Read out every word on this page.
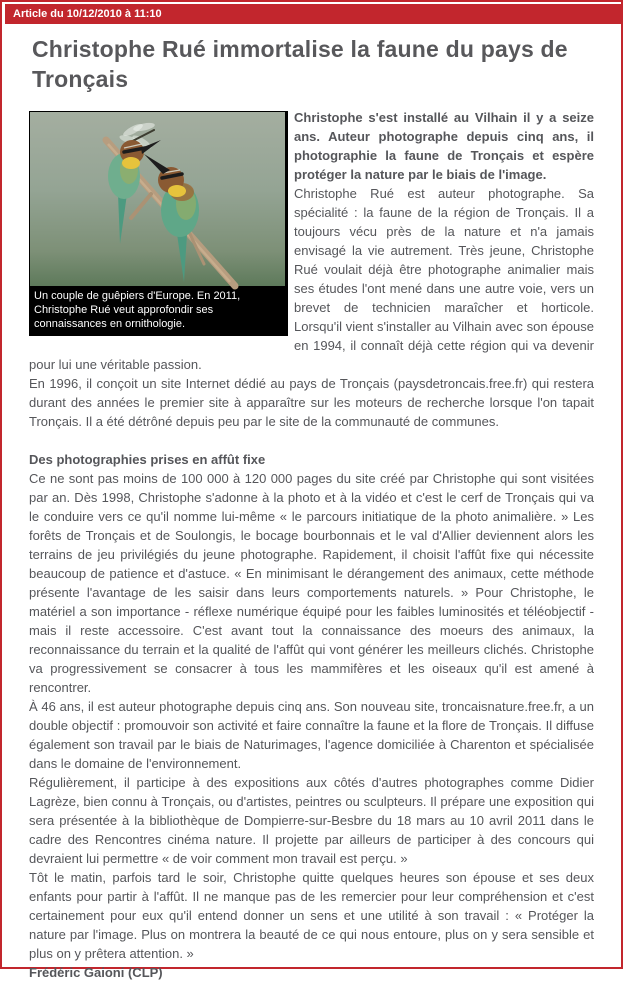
Article du 10/12/2010 à 11:10
Christophe Rué immortalise la faune du pays de Tronçais
Un couple de guêpiers d'Europe. En 2011, Christophe Rué veut approfondir ses connaissances en ornithologie.

Christophe s'est installé au Vilhain il y a seize ans. Auteur photographe depuis cinq ans, il photographie la faune de Tronçais et espère protéger la nature par le biais de l'image.

Christophe Rué est auteur photographe. Sa spécialité : la faune de la région de Tronçais. Il a toujours vécu près de la nature et n'a jamais envisagé la vie autrement. Très jeune, Christophe Rué voulait déjà être photographe animalier mais ses études l'ont mené dans une autre voie, vers un brevet de technicien maraîcher et horticole. Lorsqu'il vient s'installer au Vilhain avec son épouse en 1994, il connaît déjà cette région qui va devenir pour lui une véritable passion.

En 1996, il conçoit un site Internet dédié au pays de Tronçais (paysdetroncais.free.fr) qui restera durant des années le premier site à apparaître sur les moteurs de recherche lorsque l'on tapait Tronçais. Il a été détrôné depuis peu par le site de la communauté de communes.

Des photographies prises en affût fixe

Ce ne sont pas moins de 100 000 à 120 000 pages du site créé par Christophe qui sont visitées par an. Dès 1998, Christophe s'adonne à la photo et à la vidéo et c'est le cerf de Tronçais qui va le conduire vers ce qu'il nomme lui-même « le parcours initiatique de la photo animalière. » Les forêts de Tronçais et de Soulongis, le bocage bourbonnais et le val d'Allier deviennent alors les terrains de jeu privilégiés du jeune photographe. Rapidement, il choisit l'affût fixe qui nécessite beaucoup de patience et d'astuce. « En minimisant le dérangement des animaux, cette méthode présente l'avantage de les saisir dans leurs comportements naturels. » Pour Christophe, le matériel a son importance - réflexe numérique équipé pour les faibles luminosités et téléobjectif - mais il reste accessoire. C'est avant tout la connaissance des moeurs des animaux, la reconnaissance du terrain et la qualité de l'affût qui vont générer les meilleurs clichés. Christophe va progressivement se consacrer à tous les mammifères et les oiseaux qu'il est amené à rencontrer.

À 46 ans, il est auteur photographe depuis cinq ans. Son nouveau site, troncaisnature.free.fr, a un double objectif : promouvoir son activité et faire connaître la faune et la flore de Tronçais. Il diffuse également son travail par le biais de Naturimages, l'agence domiciliée à Charenton et spécialisée dans le domaine de l'environnement.

Régulièrement, il participe à des expositions aux côtés d'autres photographes comme Didier Lagrèze, bien connu à Tronçais, ou d'artistes, peintres ou sculpteurs. Il prépare une exposition qui sera présentée à la bibliothèque de Dompierre-sur-Besbre du 18 mars au 10 avril 2011 dans le cadre des Rencontres cinéma nature. Il projette par ailleurs de participer à des concours qui devraient lui permettre « de voir comment mon travail est perçu. »

Tôt le matin, parfois tard le soir, Christophe quitte quelques heures son épouse et ses deux enfants pour partir à l'affût. Il ne manque pas de les remercier pour leur compréhension et c'est certainement pour eux qu'il entend donner un sens et une utilité à son travail : « Protéger la nature par l'image. Plus on montrera la beauté de ce qui nous entoure, plus on y sera sensible et plus on y prêtera attention. »

Frédéric Gaioni (CLP)
